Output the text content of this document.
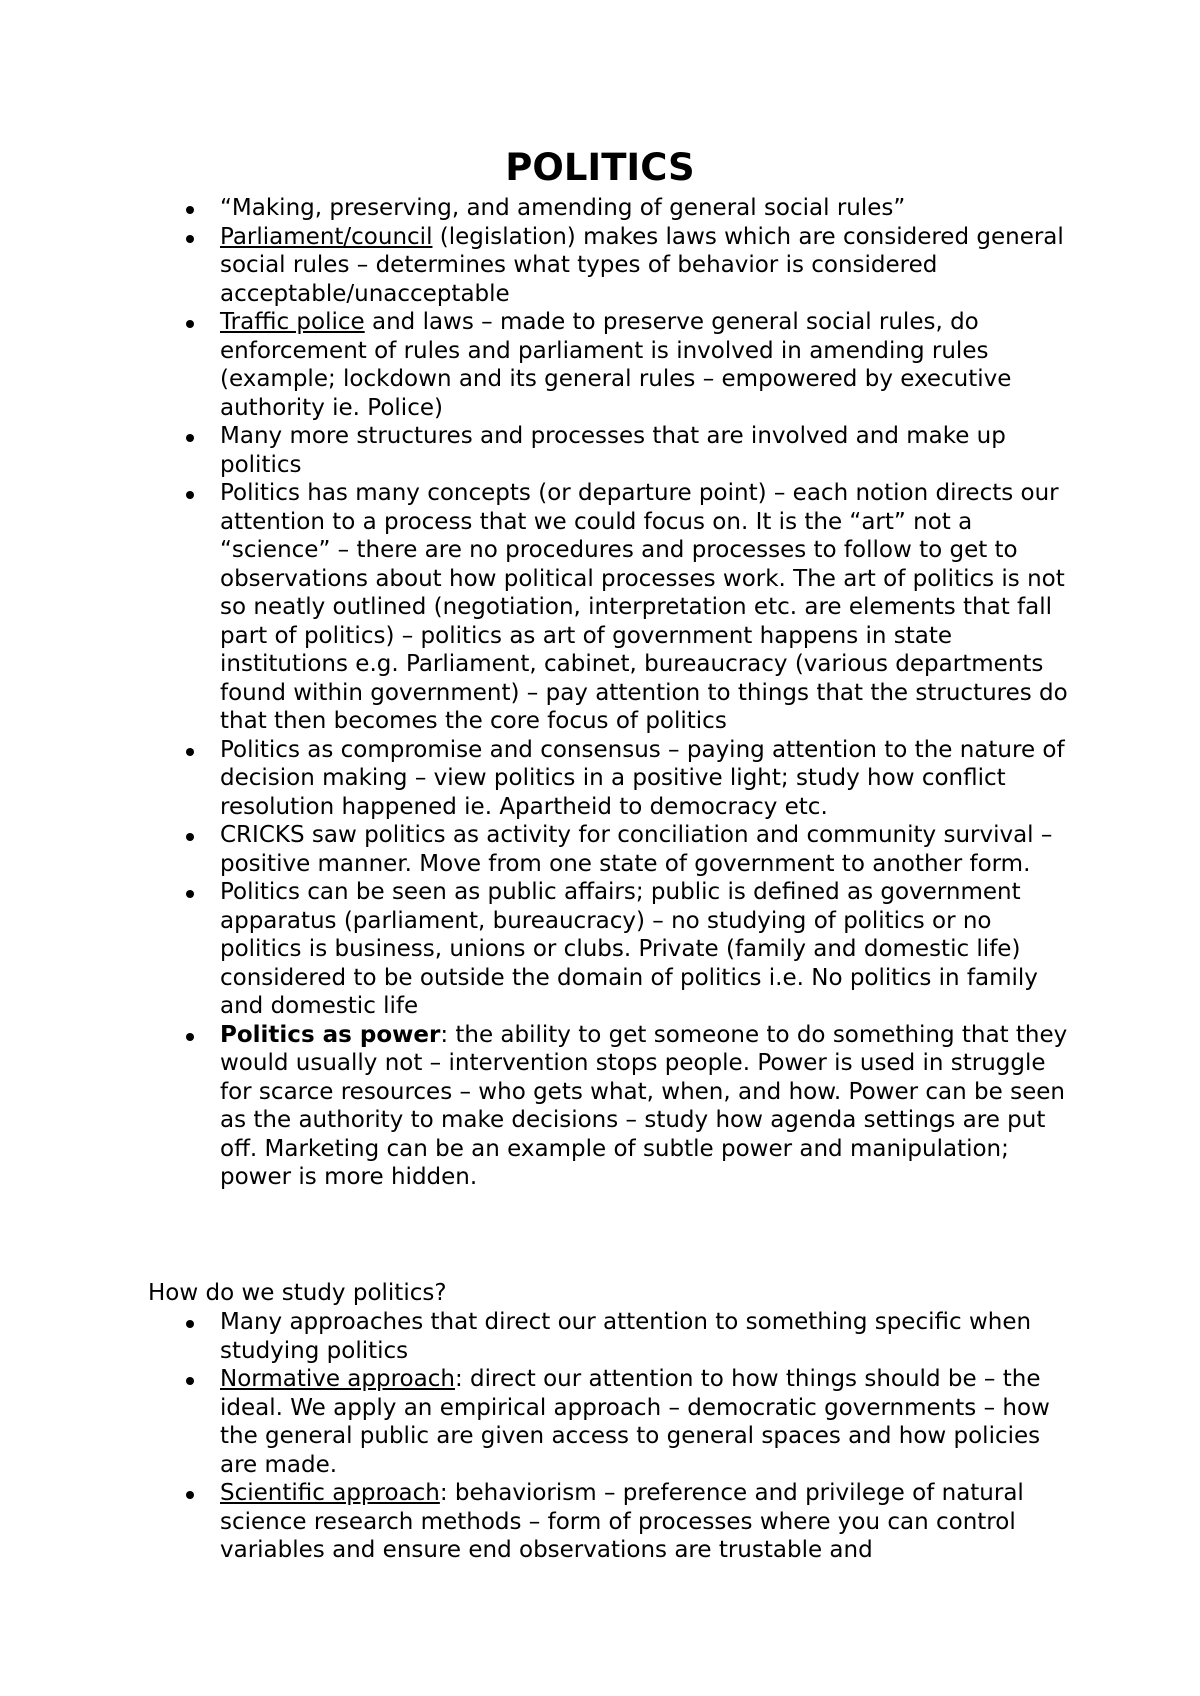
POLITICS
“Making, preserving, and amending of general social rules”
Parliament/council (legislation) makes laws which are considered general social rules – determines what types of behavior is considered acceptable/unacceptable
Traffic police and laws – made to preserve general social rules, do enforcement of rules and parliament is involved in amending rules (example; lockdown and its general rules – empowered by executive authority ie. Police)
Many more structures and processes that are involved and make up politics
Politics has many concepts (or departure point) – each notion directs our attention to a process that we could focus on. It is the “art” not a “science” – there are no procedures and processes to follow to get to observations about how political processes work. The art of politics is not so neatly outlined (negotiation, interpretation etc. are elements that fall part of politics) – politics as art of government happens in state institutions e.g. Parliament, cabinet, bureaucracy (various departments found within government) – pay attention to things that the structures do that then becomes the core focus of politics
Politics as compromise and consensus – paying attention to the nature of decision making – view politics in a positive light; study how conflict resolution happened ie. Apartheid to democracy etc.
CRICKS saw politics as activity for conciliation and community survival – positive manner. Move from one state of government to another form.
Politics can be seen as public affairs; public is defined as government apparatus (parliament, bureaucracy) – no studying of politics or no politics is business, unions or clubs. Private (family and domestic life) considered to be outside the domain of politics i.e. No politics in family and domestic life
Politics as power: the ability to get someone to do something that they would usually not – intervention stops people. Power is used in struggle for scarce resources – who gets what, when, and how. Power can be seen as the authority to make decisions – study how agenda settings are put off. Marketing can be an example of subtle power and manipulation; power is more hidden.

How do we study politics?

Many approaches that direct our attention to something specific when studying politics
Normative approach: direct our attention to how things should be – the ideal. We apply an empirical approach – democratic governments – how the general public are given access to general spaces and how policies are made.
Scientific approach: behaviorism – preference and privilege of natural science research methods – form of processes where you can control variables and ensure end observations are trustable and
